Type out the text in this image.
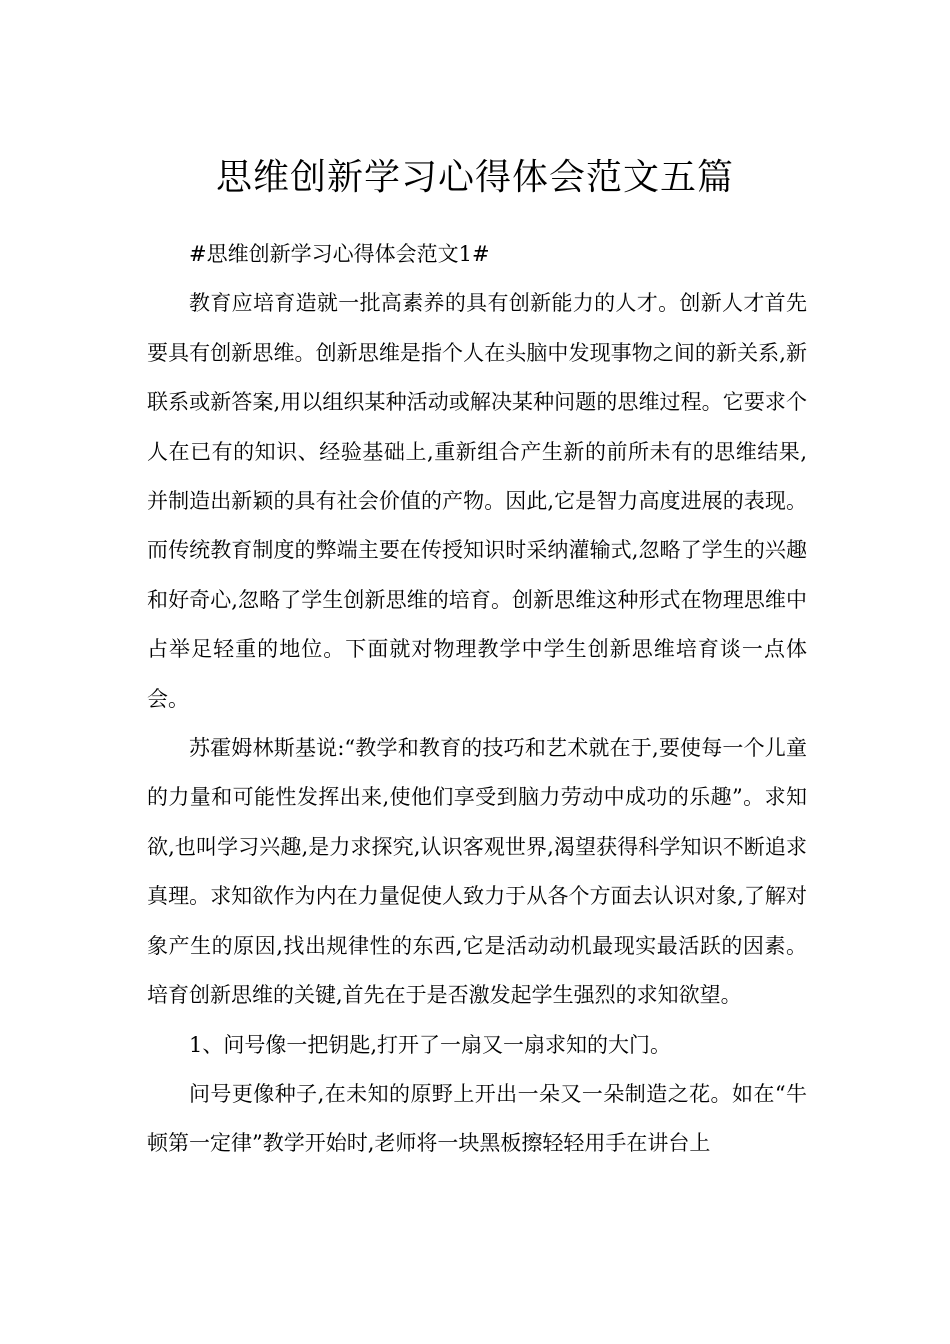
思维创新学习心得体会范文五篇

#思维创新学习心得体会范文1#

教育应培育造就一批高素养的具有创新能力的人才。创新人才首先要具有创新思维。创新思维是指个人在头脑中发现事物之间的新关系,新联系或新答案,用以组织某种活动或解决某种问题的思维过程。它要求个人在已有的知识、经验基础上,重新组合产生新的前所未有的思维结果,并制造出新颖的具有社会价值的产物。因此,它是智力高度进展的表现。而传统教育制度的弊端主要在传授知识时采纳灌输式,忽略了学生的兴趣和好奇心,忽略了学生创新思维的培育。创新思维这种形式在物理思维中占举足轻重的地位。下面就对物理教学中学生创新思维培育谈一点体会。

苏霍姆林斯基说:“教学和教育的技巧和艺术就在于,要使每一个儿童的力量和可能性发挥出来,使他们享受到脑力劳动中成功的乐趣”。求知欲,也叫学习兴趣,是力求探究,认识客观世界,渴望获得科学知识不断追求真理。求知欲作为内在力量促使人致力于从各个方面去认识对象,了解对象产生的原因,找出规律性的东西,它是活动动机最现实最活跃的因素。培育创新思维的关键,首先在于是否激发起学生强烈的求知欲望。

1、问号像一把钥匙,打开了一扇又一扇求知的大门。

问号更像种子,在未知的原野上开出一朵又一朵制造之花。如在“牛顿第一定律”教学开始时,老师将一块黑板擦轻轻用手在讲台上
